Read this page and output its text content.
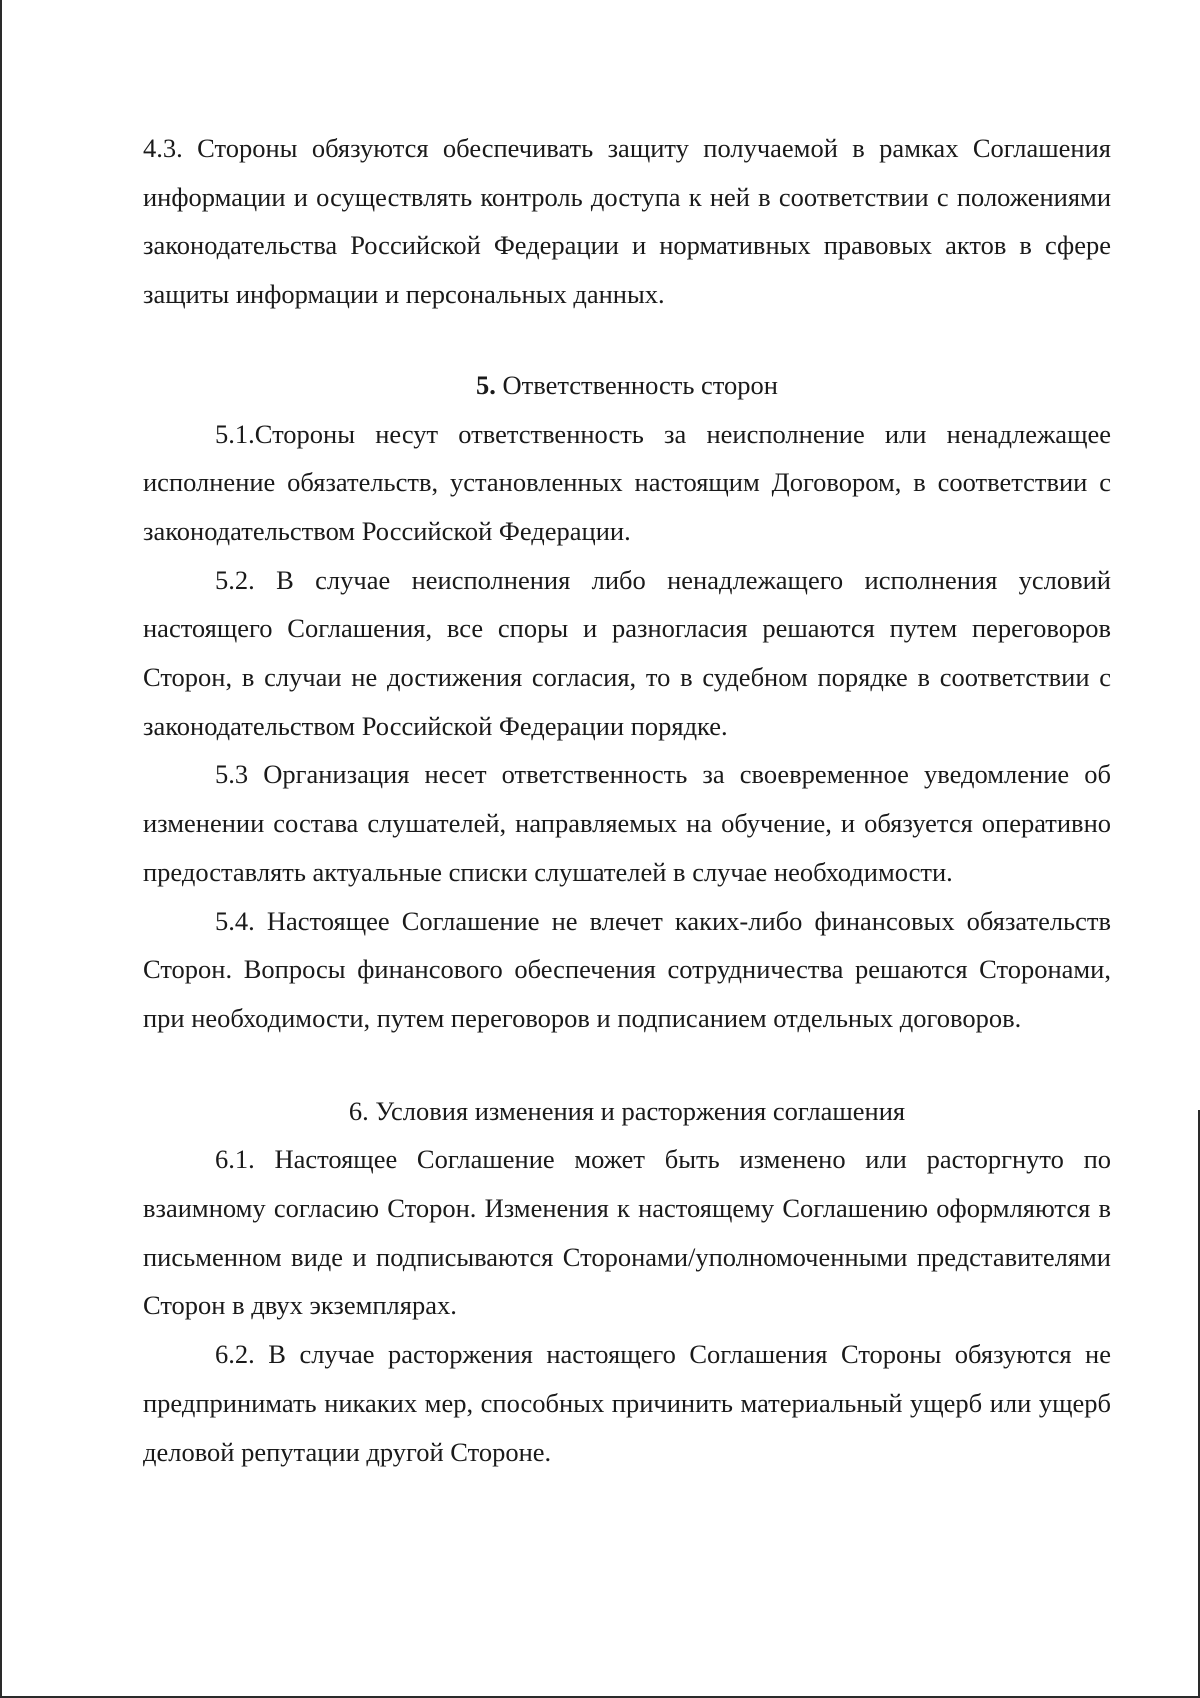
4.3. Стороны обязуются обеспечивать защиту получаемой в рамках Соглашения информации и осуществлять контроль доступа к ней в соответствии с положениями законодательства Российской Федерации и нормативных правовых актов в сфере защиты информации и персональных данных.

5. Ответственность сторон

5.1.Стороны несут ответственность за неисполнение или ненадлежащее исполнение обязательств, установленных настоящим Договором, в соответствии с законодательством Российской Федерации.

5.2. В случае неисполнения либо ненадлежащего исполнения условий настоящего Соглашения, все споры и разногласия решаются путем переговоров Сторон, в случаи не достижения согласия, то в судебном порядке в соответствии с законодательством Российской Федерации порядке.

5.3 Организация несет ответственность за своевременное уведомление об изменении состава слушателей, направляемых на обучение, и обязуется оперативно предоставлять актуальные списки слушателей в случае необходимости.

5.4. Настоящее Соглашение не влечет каких-либо финансовых обязательств Сторон. Вопросы финансового обеспечения сотрудничества решаются Сторонами, при необходимости, путем переговоров и подписанием отдельных договоров.

6. Условия изменения и расторжения соглашения

6.1. Настоящее Соглашение может быть изменено или расторгнуто по взаимному согласию Сторон. Изменения к настоящему Соглашению оформляются в письменном виде и подписываются Сторонами/уполномоченными представителями Сторон в двух экземплярах.

6.2. В случае расторжения настоящего Соглашения Стороны обязуются не предпринимать никаких мер, способных причинить материальный ущерб или ущерб деловой репутации другой Стороне.
